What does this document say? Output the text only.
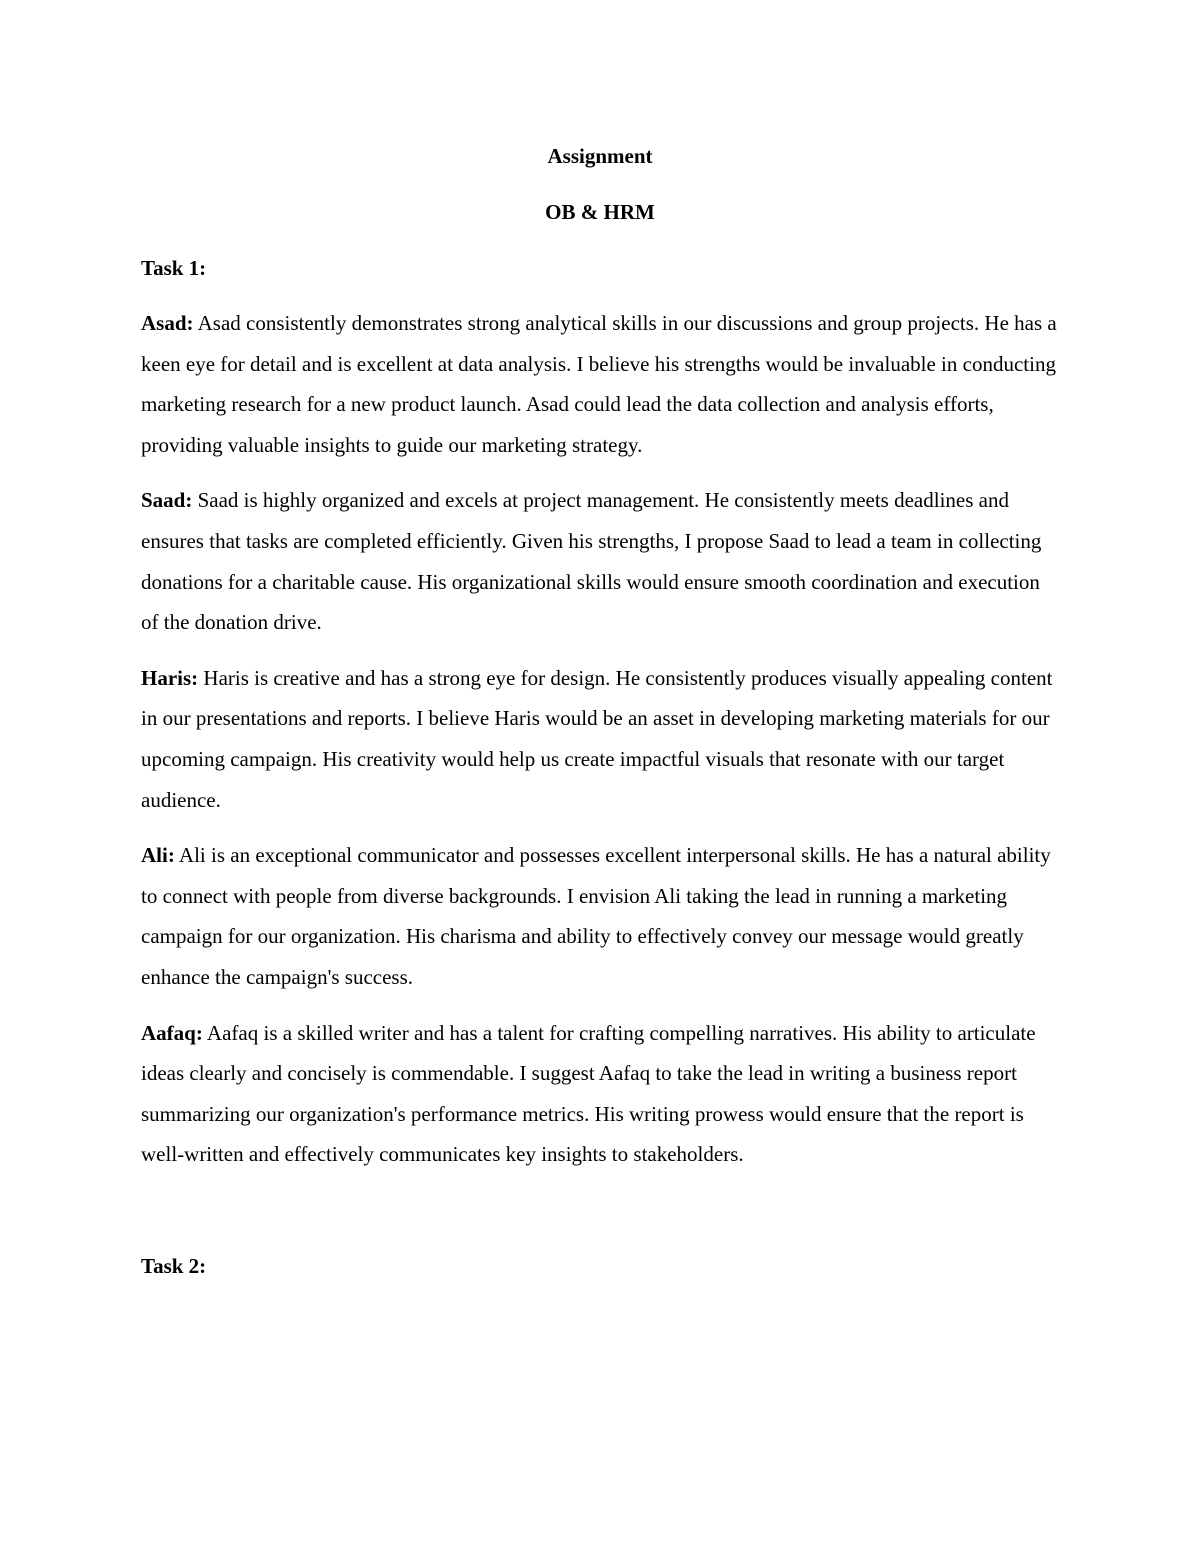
Assignment

OB & HRM

Task 1:

Asad: Asad consistently demonstrates strong analytical skills in our discussions and group projects. He has a keen eye for detail and is excellent at data analysis. I believe his strengths would be invaluable in conducting marketing research for a new product launch. Asad could lead the data collection and analysis efforts, providing valuable insights to guide our marketing strategy.

Saad: Saad is highly organized and excels at project management. He consistently meets deadlines and ensures that tasks are completed efficiently. Given his strengths, I propose Saad to lead a team in collecting donations for a charitable cause. His organizational skills would ensure smooth coordination and execution of the donation drive.

Haris: Haris is creative and has a strong eye for design. He consistently produces visually appealing content in our presentations and reports. I believe Haris would be an asset in developing marketing materials for our upcoming campaign. His creativity would help us create impactful visuals that resonate with our target audience.

Ali: Ali is an exceptional communicator and possesses excellent interpersonal skills. He has a natural ability to connect with people from diverse backgrounds. I envision Ali taking the lead in running a marketing campaign for our organization. His charisma and ability to effectively convey our message would greatly enhance the campaign's success.

Aafaq: Aafaq is a skilled writer and has a talent for crafting compelling narratives. His ability to articulate ideas clearly and concisely is commendable. I suggest Aafaq to take the lead in writing a business report summarizing our organization's performance metrics. His writing prowess would ensure that the report is well-written and effectively communicates key insights to stakeholders.

Task 2:
